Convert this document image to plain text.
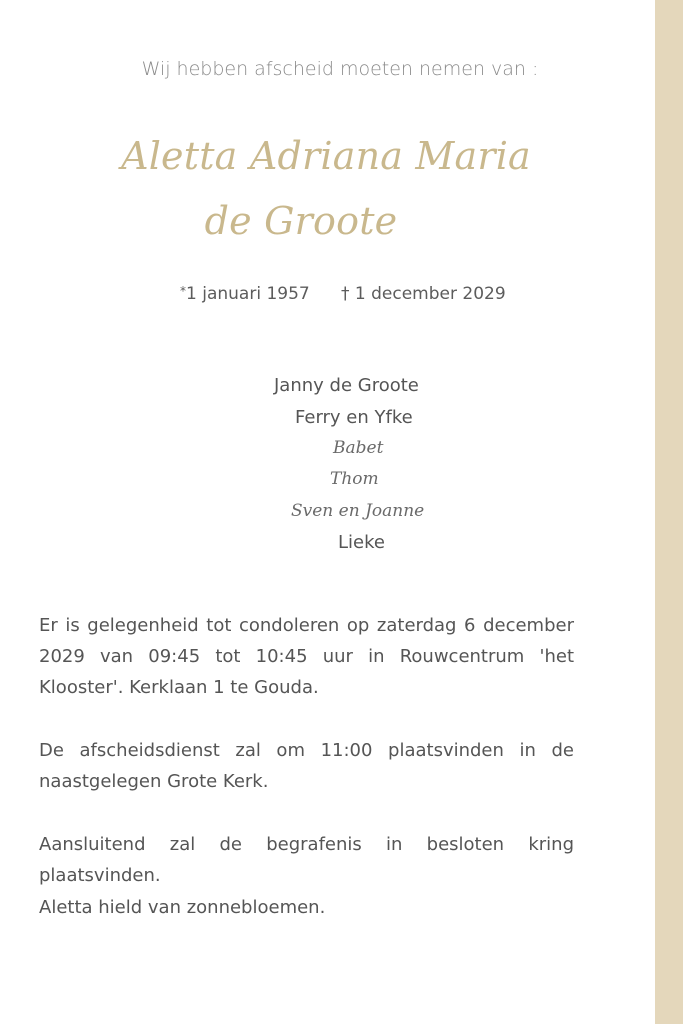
Wij hebben afscheid moeten nemen van :
Aletta Adriana Maria
de Groote
*1 januari 1957 † 1 december 2029
Janny de Groote
Ferry en Yfke
Babet
Thom
Sven en Joanne
Lieke
Er is gelegenheid tot condoleren op zaterdag 6 december 2029 van 09:45 tot 10:45 uur in Rouwcentrum 'het Klooster'. Kerklaan 1 te Gouda.
De afscheidsdienst zal om 11:00 plaatsvinden in de naastgelegen Grote Kerk.
Aansluitend zal de begrafenis in besloten kring plaatsvinden.
Aletta hield van zonnebloemen.
